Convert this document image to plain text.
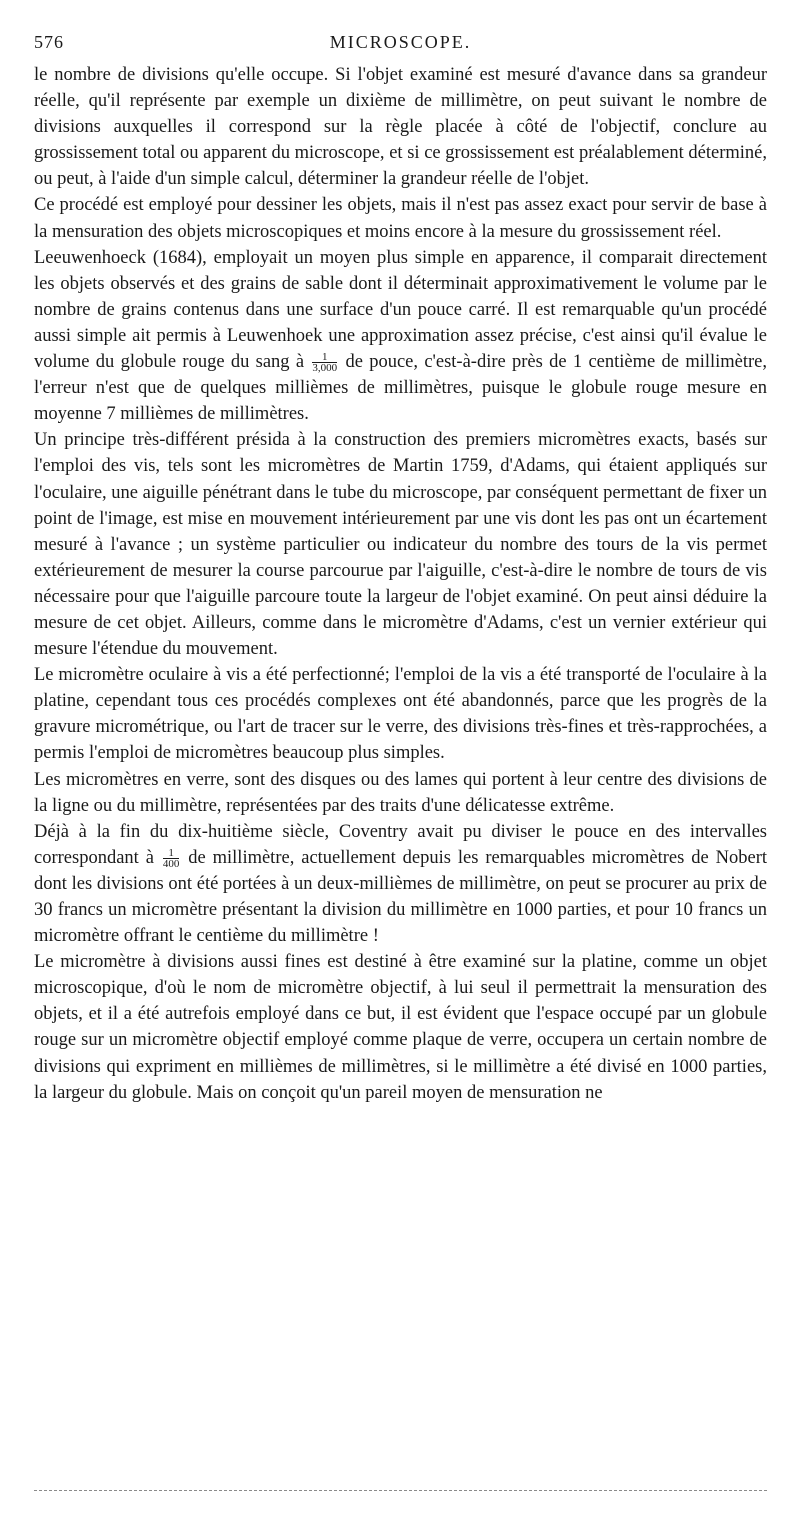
576	MICROSCOPE.

le nombre de divisions qu'elle occupe. Si l'objet examiné est mesuré d'avance dans sa grandeur réelle, qu'il représente par exemple un dixième de millimètre, on peut suivant le nombre de divisions auxquelles il correspond sur la règle placée à côté de l'objectif, conclure au grossissement total ou apparent du microscope, et si ce grossissement est préalablement déterminé, ou peut, à l'aide d'un simple calcul, déterminer la grandeur réelle de l'objet.

Ce procédé est employé pour dessiner les objets, mais il n'est pas assez exact pour servir de base à la mensuration des objets microscopiques et moins encore à la mesure du grossissement réel.

Leeuwenhoeck (1684), employait un moyen plus simple en apparence, il comparait directement les objets observés et des grains de sable dont il déterminait approximativement le volume par le nombre de grains contenus dans une surface d'un pouce carré. Il est remarquable qu'un procédé aussi simple ait permis à Leuwenhoek une approximation assez précise, c'est ainsi qu'il évalue le volume du globule rouge du sang à $\frac{1}{3,000}$ de pouce, c'est-à-dire près de 1 centième de millimètre, l'erreur n'est que de quelques millièmes de millimètres, puisque le globule rouge mesure en moyenne 7 millièmes de millimètres.

Un principe très-différent présida à la construction des premiers micromètres exacts, basés sur l'emploi des vis, tels sont les micromètres de Martin 1759, d'Adams, qui étaient appliqués sur l'oculaire, une aiguille pénétrant dans le tube du microscope, par conséquent permettant de fixer un point de l'image, est mise en mouvement intérieurement par une vis dont les pas ont un écartement mesuré à l'avance ; un système particulier ou indicateur du nombre des tours de la vis permet extérieurement de mesurer la course parcourue par l'aiguille, c'est-à-dire le nombre de tours de vis nécessaire pour que l'aiguille parcoure toute la largeur de l'objet examiné. On peut ainsi déduire la mesure de cet objet. Ailleurs, comme dans le micromètre d'Adams, c'est un vernier extérieur qui mesure l'étendue du mouvement.

Le micromètre oculaire à vis a été perfectionné; l'emploi de la vis a été transporté de l'oculaire à la platine, cependant tous ces procédés complexes ont été abandonnés, parce que les progrès de la gravure micrométrique, ou l'art de tracer sur le verre, des divisions très-fines et très-rapprochées, a permis l'emploi de micromètres beaucoup plus simples.

Les micromètres en verre, sont des disques ou des lames qui portent à leur centre des divisions de la ligne ou du millimètre, représentées par des traits d'une délicatesse extrême.

Déjà à la fin du dix-huitième siècle, Coventry avait pu diviser le pouce en des intervalles correspondant à $\frac{1}{400}$ de millimètre, actuellement depuis les remarquables micromètres de Nobert dont les divisions ont été portées à un deux-millièmes de millimètre, on peut se procurer au prix de 30 francs un micromètre présentant la division du millimètre en 1000 parties, et pour 10 francs un micromètre offrant le centième du millimètre !

Le micromètre à divisions aussi fines est destiné à être examiné sur la platine, comme un objet microscopique, d'où le nom de micromètre objectif, à lui seul il permettrait la mensuration des objets, et il a été autrefois employé dans ce but, il est évident que l'espace occupé par un globule rouge sur un micromètre objectif employé comme plaque de verre, occupera un certain nombre de divisions qui expriment en millièmes de millimètres, si le millimètre a été divisé en 1000 parties, la largeur du globule. Mais on conçoit qu'un pareil moyen de mensuration ne
